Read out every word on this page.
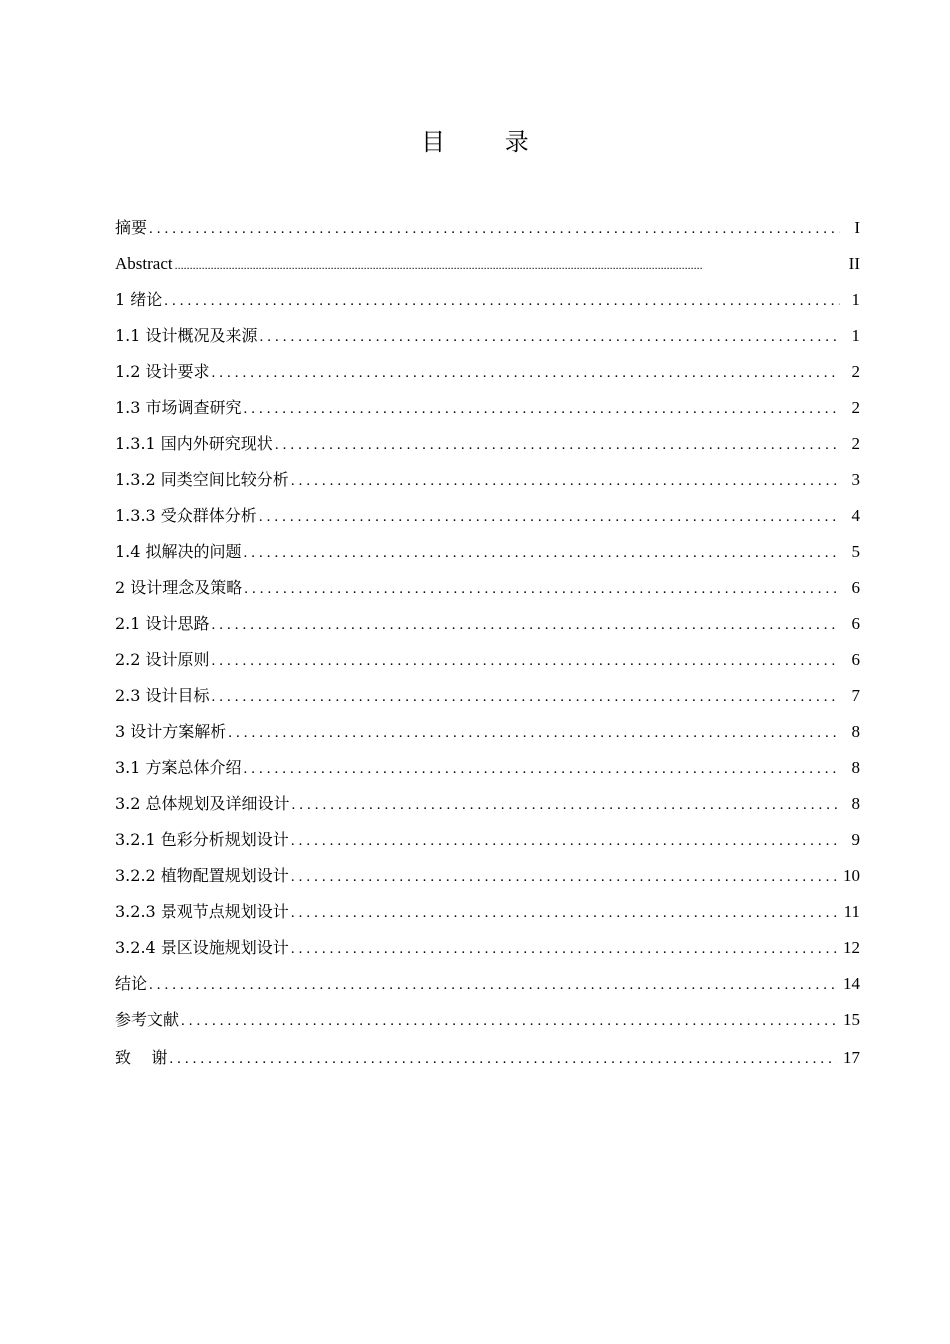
目 录
摘要 .....	I
Abstract .....	II
1 绪论 .....	1
1.1 设计概况及来源 .....	1
1.2 设计要求 .....	2
1.3 市场调查研究 .....	2
1.3.1 国内外研究现状 .....	2
1.3.2 同类空间比较分析 .....	3
1.3.3 受众群体分析 .....	4
1.4 拟解决的问题 .....	5
2 设计理念及策略 .....	6
2.1 设计思路 .....	6
2.2 设计原则 .....	6
2.3 设计目标 .....	7
3 设计方案解析 .....	8
3.1 方案总体介绍 .....	8
3.2 总体规划及详细设计 .....	8
3.2.1 色彩分析规划设计 .....	9
3.2.2 植物配置规划设计 .....	10
3.2.3 景观节点规划设计 .....	11
3.2.4 景区设施规划设计 .....	12
结论 .....	14
参考文献 .....	15
致    谢 .....	17
